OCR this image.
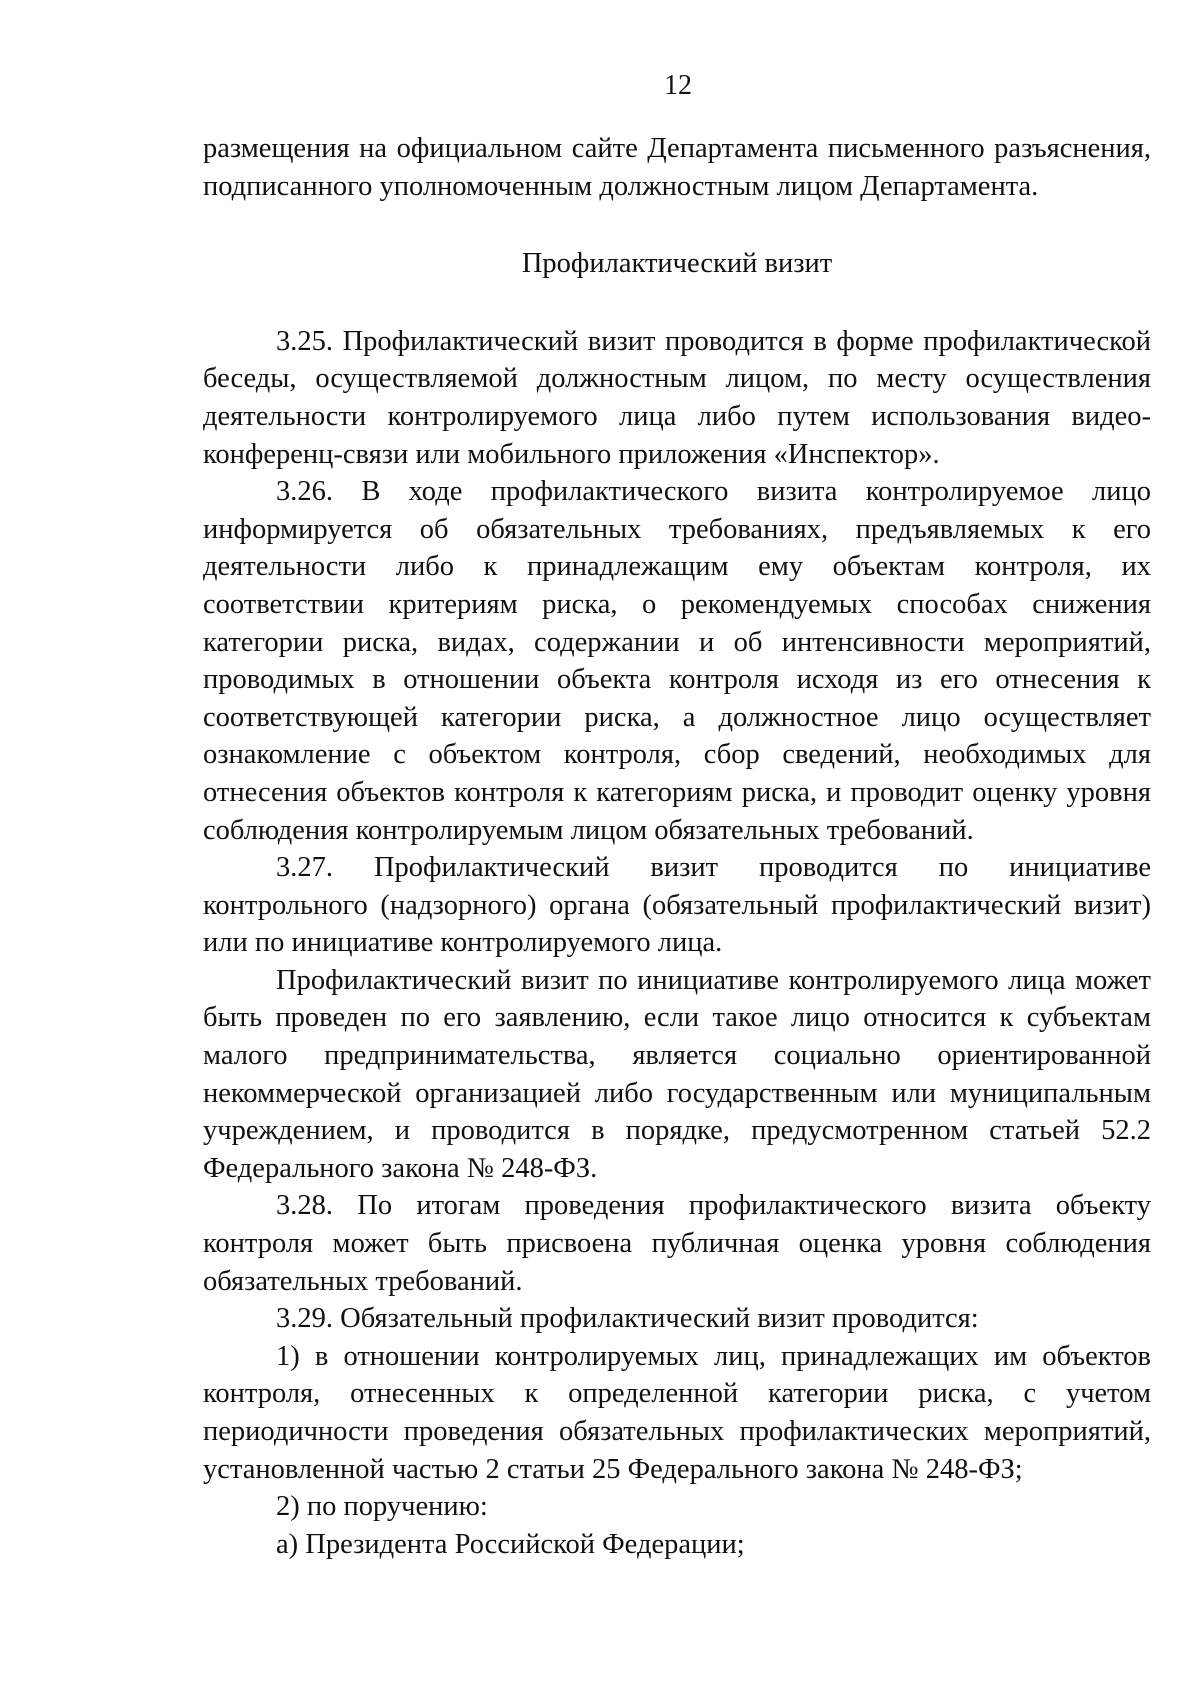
12

размещения на официальном сайте Департамента письменного разъяснения, подписанного уполномоченным должностным лицом Департамента.

Профилактический визит

3.25. Профилактический визит проводится в форме профилактической беседы, осуществляемой должностным лицом, по месту осуществления деятельности контролируемого лица либо путем использования видео-конференц-связи или мобильного приложения «Инспектор».

3.26. В ходе профилактического визита контролируемое лицо информируется об обязательных требованиях, предъявляемых к его деятельности либо к принадлежащим ему объектам контроля, их соответствии критериям риска, о рекомендуемых способах снижения категории риска, видах, содержании и об интенсивности мероприятий, проводимых в отношении объекта контроля исходя из его отнесения к соответствующей категории риска, а должностное лицо осуществляет ознакомление с объектом контроля, сбор сведений, необходимых для отнесения объектов контроля к категориям риска, и проводит оценку уровня соблюдения контролируемым лицом обязательных требований.

3.27. Профилактический визит проводится по инициативе контрольного (надзорного) органа (обязательный профилактический визит) или по инициативе контролируемого лица.

Профилактический визит по инициативе контролируемого лица может быть проведен по его заявлению, если такое лицо относится к субъектам малого предпринимательства, является социально ориентированной некоммерческой организацией либо государственным или муниципальным учреждением, и проводится в порядке, предусмотренном статьей 52.2 Федерального закона № 248-ФЗ.

3.28. По итогам проведения профилактического визита объекту контроля может быть присвоена публичная оценка уровня соблюдения обязательных требований.

3.29. Обязательный профилактический визит проводится:

1) в отношении контролируемых лиц, принадлежащих им объектов контроля, отнесенных к определенной категории риска, с учетом периодичности проведения обязательных профилактических мероприятий, установленной частью 2 статьи 25 Федерального закона № 248-ФЗ;

2) по поручению:

а) Президента Российской Федерации;
